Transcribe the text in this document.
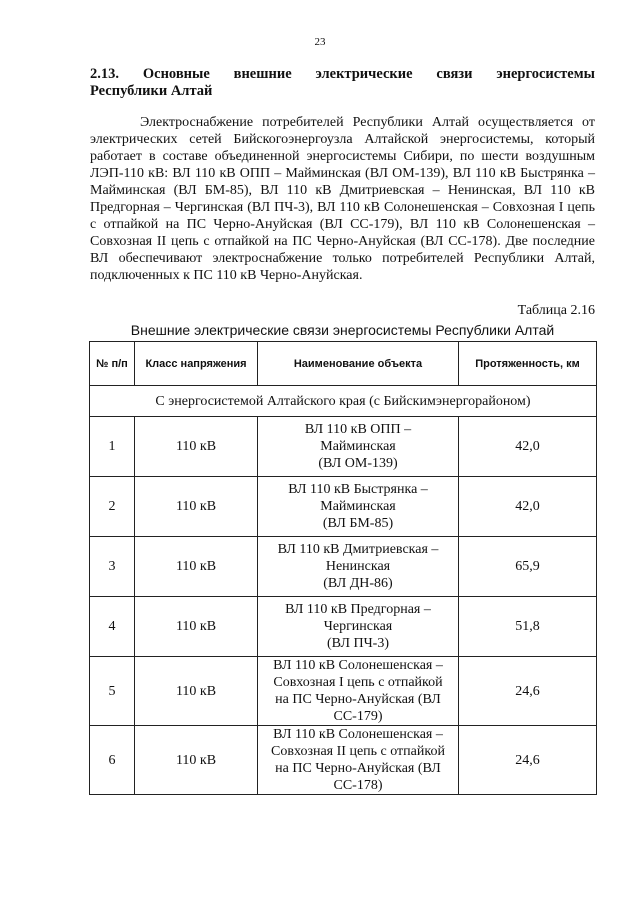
23
2.13. Основные внешние электрические связи энергосистемы
Республики Алтай

Электроснабжение потребителей Республики Алтай осуществляется от электрических сетей Бийскогоэнергоузла Алтайской энергосистемы, который работает в составе объединенной энергосистемы Сибири, по шести воздушным ЛЭП-110 кВ: ВЛ 110 кВ ОПП – Майминская (ВЛ ОМ-139), ВЛ 110 кВ Быстрянка – Майминская (ВЛ БМ-85), ВЛ 110 кВ Дмитриевская – Ненинская, ВЛ 110 кВ Предгорная – Чергинская (ВЛ ПЧ-3), ВЛ 110 кВ Солонешенская – Совхозная I цепь с отпайкой на ПС Черно-Ануйская (ВЛ СС-179), ВЛ 110 кВ Солонешенская – Совхозная II цепь с отпайкой на ПС Черно-Ануйская (ВЛ СС-178). Две последние ВЛ обеспечивают электроснабжение только потребителей Республики Алтай, подключенных к ПС 110 кВ Черно-Ануйская.

Таблица 2.16
Внешние электрические связи энергосистемы Республики Алтай
№ п/п	Класс напряжения	Наименование объекта	Протяженность, км
С энергосистемой Алтайского края (с Бийскимэнергорайоном)			
1	110 кВ	ВЛ 110 кВ ОПП –
Майминская
(ВЛ ОМ-139)	42,0
2	110 кВ	ВЛ 110 кВ Быстрянка –
Майминская
(ВЛ БМ-85)	42,0
3	110 кВ	ВЛ 110 кВ Дмитриевская –
Ненинская
(ВЛ ДН-86)	65,9
4	110 кВ	ВЛ 110 кВ Предгорная –
Чергинская
(ВЛ ПЧ-3)	51,8
5	110 кВ	ВЛ 110 кВ Солонешенская –
Совхозная I цепь с отпайкой
на ПС Черно-Ануйская (ВЛ
СС-179)	24,6
6	110 кВ	ВЛ 110 кВ Солонешенская –
Совхозная II цепь с отпайкой
на ПС Черно-Ануйская (ВЛ
СС-178)	24,6
